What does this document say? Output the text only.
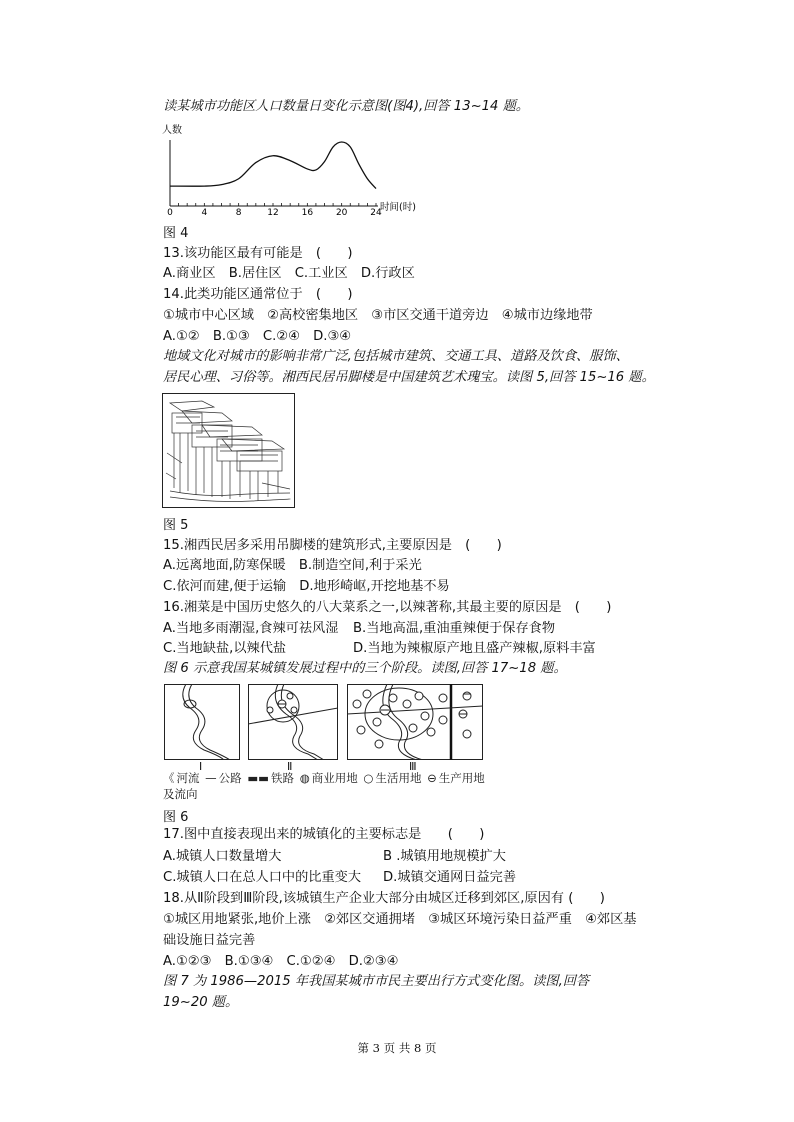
读某城市功能区人口数量日变化示意图(图4),回答 13~14 题。
人数
0	4	8	12	16	20	24
时间(时)
图 4
13.该功能区最有可能是　(　　)
A.商业区　B.居住区　C.工业区　D.行政区
14.此类功能区通常位于　(　　)
①城市中心区域　②高校密集地区　③市区交通干道旁边　④城市边缘地带
A.①②　B.①③　C.②④　D.③④
地域文化对城市的影响非常广泛,包括城市建筑、交通工具、道路及饮食、服饰、
居民心理、习俗等。湘西民居吊脚楼是中国建筑艺术瑰宝。读图 5,回答 15~16 题。
图 5
15.湘西民居多采用吊脚楼的建筑形式,主要原因是　(　　)
A.远离地面,防寒保暖　B.制造空间,利于采光
C.依河而建,便于运输　D.地形崎岖,开挖地基不易
16.湘菜是中国历史悠久的八大菜系之一,以辣著称,其最主要的原因是　(　　)
A.当地多雨潮湿,食辣可祛风湿 B.当地高温,重油重辣便于保存食物
C.当地缺盐,以辣代盐	D.当地为辣椒原产地且盛产辣椒,原料丰富
图 6 示意我国某城镇发展过程中的三个阶段。读图,回答 17~18 题。
Ⅰ	Ⅱ	Ⅲ
《 河流 — 公路 ▬▬ 铁路 ◍ 商业用地 ○ 生活用地 ⊖ 生产用地
及流向
图 6
17.图中直接表现出来的城镇化的主要标志是　　(　　)
A.城镇人口数量增大	B .城镇用地规模扩大
C.城镇人口在总人口中的比重变大 D.城镇交通网日益完善
18.从Ⅱ阶段到Ⅲ阶段,该城镇生产企业大部分由城区迁移到郊区,原因有 (　　)
①城区用地紧张,地价上涨　②郊区交通拥堵　③城区环境污染日益严重　④郊区基
础设施日益完善
A.①②③　B.①③④　C.①②④　D.②③④
图 7 为 1986—2015 年我国某城市市民主要出行方式变化图。读图,回答
19~20 题。
第 3 页 共 8 页
